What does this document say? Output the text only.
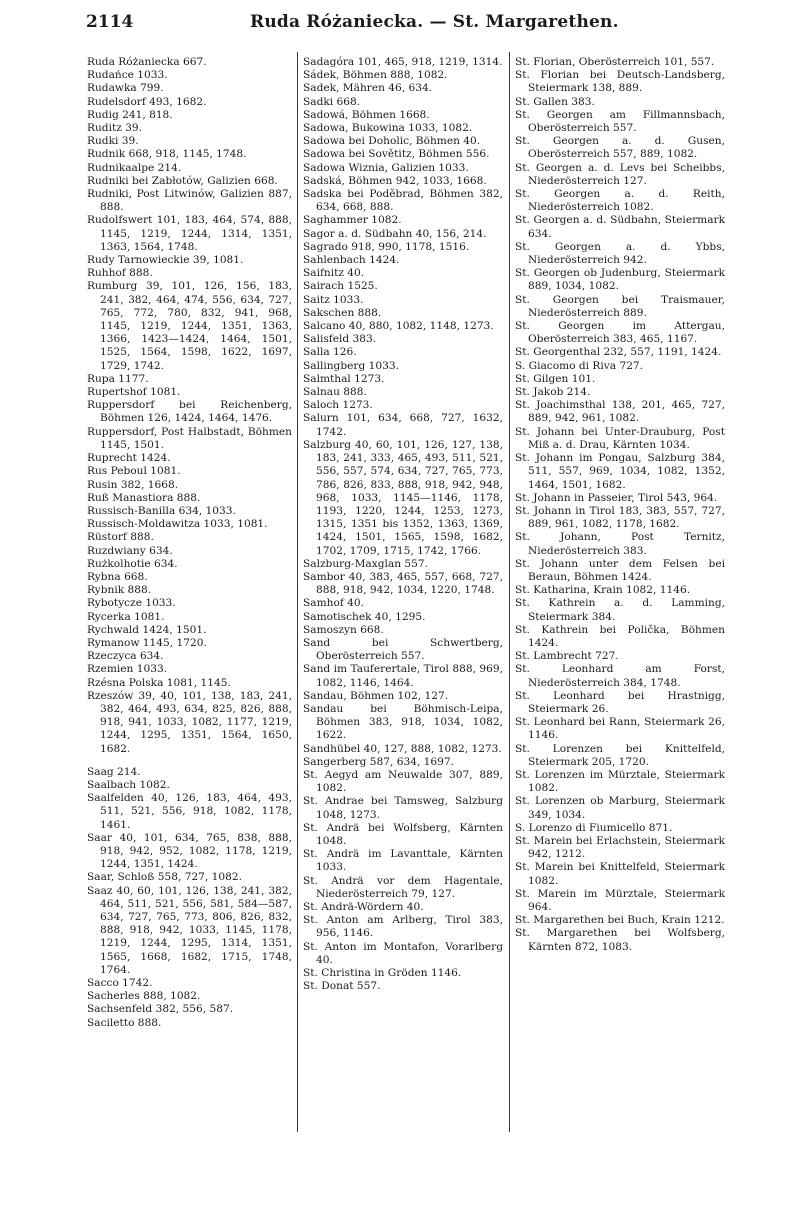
2114	Ruda Różaniecka. — St. Margarethen.

Ruda Różaniecka 667.

Rudańce 1033.

Rudawka 799.

Rudelsdorf 493, 1682.

Rudig 241, 818.

Ruditz 39.

Rudki 39.

Rudnik 668, 918, 1145, 1748.

Rudnikaalpe 214.

Rudniki bei Zabłotów, Galizien 668.

Rudniki, Post Litwinów, Galizien 887, 888.

Rudolfswert 101, 183, 464, 574, 888, 1145, 1219, 1244, 1314, 1351, 1363, 1564, 1748.

Rudy Tarnowieckie 39, 1081.

Ruhhof 888.

Rumburg 39, 101, 126, 156, 183, 241, 382, 464, 474, 556, 634, 727, 765, 772, 780, 832, 941, 968, 1145, 1219, 1244, 1351, 1363, 1366, 1423—1424, 1464, 1501, 1525, 1564, 1598, 1622, 1697, 1729, 1742.

Rupa 1177.

Rupertshof 1081.

Ruppersdorf bei Reichenberg, Böhmen 126, 1424, 1464, 1476.

Ruppersdorf, Post Halbstadt, Böhmen 1145, 1501.

Ruprecht 1424.

Rus Peboul 1081.

Rusin 382, 1668.

Ruß Manastiora 888.

Russisch-Banilla 634, 1033.

Russisch-Moldawitza 1033, 1081.

Rüstorf 888.

Ruzdwiany 634.

Rużkolhotie 634.

Rybna 668.

Rybnik 888.

Rybotycze 1033.

Rycerka 1081.

Rychwald 1424, 1501.

Rymanow 1145, 1720.

Rzeczyca 634.

Rzemien 1033.

Rzésna Polska 1081, 1145.

Rzeszów 39, 40, 101, 138, 183, 241, 382, 464, 493, 634, 825, 826, 888, 918, 941, 1033, 1082, 1177, 1219, 1244, 1295, 1351, 1564, 1650, 1682.

Saag 214.

Saalbach 1082.

Saalfelden 40, 126, 183, 464, 493, 511, 521, 556, 918, 1082, 1178, 1461.

Saar 40, 101, 634, 765, 838, 888, 918, 942, 952, 1082, 1178, 1219, 1244, 1351, 1424.

Saar, Schloß 558, 727, 1082.

Saaz 40, 60, 101, 126, 138, 241, 382, 464, 511, 521, 556, 581, 584—587, 634, 727, 765, 773, 806, 826, 832, 888, 918, 942, 1033, 1145, 1178, 1219, 1244, 1295, 1314, 1351, 1565, 1668, 1682, 1715, 1748, 1764.

Sacco 1742.

Sacherles 888, 1082.

Sachsenfeld 382, 556, 587.

Saciletto 888.

Sadagóra 101, 465, 918, 1219, 1314.

Sádek, Böhmen 888, 1082.

Sadek, Mähren 46, 634.

Sadki 668.

Sadowá, Böhmen 1668.

Sadowa, Bukowina 1033, 1082.

Sadowa bei Doholic, Böhmen 40.

Sadowa bei Sovětitz, Böhmen 556.

Sadowa Wiznia, Galizien 1033.

Sadská, Böhmen 942, 1033, 1668.

Sadska bei Poděbrad, Böhmen 382, 634, 668, 888.

Saghammer 1082.

Sagor a. d. Südbahn 40, 156, 214.

Sagrado 918, 990, 1178, 1516.

Sahlenbach 1424.

Saifnitz 40.

Sairach 1525.

Saitz 1033.

Sakschen 888.

Salcano 40, 880, 1082, 1148, 1273.

Salisfeld 383.

Salla 126.

Sallingberg 1033.

Salmthal 1273.

Salnau 888.

Saloch 1273.

Salurn 101, 634, 668, 727, 1632, 1742.

Salzburg 40, 60, 101, 126, 127, 138, 183, 241, 333, 465, 493, 511, 521, 556, 557, 574, 634, 727, 765, 773, 786, 826, 833, 888, 918, 942, 948, 968, 1033, 1145—1146, 1178, 1193, 1220, 1244, 1253, 1273, 1315, 1351 bis 1352, 1363, 1369, 1424, 1501, 1565, 1598, 1682, 1702, 1709, 1715, 1742, 1766.

Salzburg-Maxglan 557.

Sambor 40, 383, 465, 557, 668, 727, 888, 918, 942, 1034, 1220, 1748.

Samhof 40.

Samotischek 40, 1295.

Samoszyn 668.

Sand bei Schwertberg, Oberösterreich 557.

Sand im Tauferertale, Tirol 888, 969, 1082, 1146, 1464.

Sandau, Böhmen 102, 127.

Sandau bei Böhmisch-Leipa, Böhmen 383, 918, 1034, 1082, 1622.

Sandhübel 40, 127, 888, 1082, 1273.

Sangerberg 587, 634, 1697.

St. Aegyd am Neuwalde 307, 889, 1082.

St. Andrae bei Tamsweg, Salzburg 1048, 1273.

St. Andrä bei Wolfsberg, Kärnten 1048.

St. Andrä im Lavanttale, Kärnten 1033.

St. Andrä vor dem Hagentale, Niederösterreich 79, 127.

St. Andrä-Wördern 40.

St. Anton am Arlberg, Tirol 383, 956, 1146.

St. Anton im Montafon, Vorarlberg 40.

St. Christina in Gröden 1146.

St. Donat 557.

St. Florian, Oberösterreich 101, 557.

St. Florian bei Deutsch-Landsberg, Steiermark 138, 889.

St. Gallen 383.

St. Georgen am Fillmannsbach, Oberösterreich 557.

St. Georgen a. d. Gusen, Oberösterreich 557, 889, 1082.

St. Georgen a. d. Levs bei Scheibbs, Niederösterreich 127.

St. Georgen a. d. Reith, Niederösterreich 1082.

St. Georgen a. d. Südbahn, Steiermark 634.

St. Georgen a. d. Ybbs, Niederösterreich 942.

St. Georgen ob Judenburg, Steiermark 889, 1034, 1082.

St. Georgen bei Traismauer, Niederösterreich 889.

St. Georgen im Attergau, Oberösterreich 383, 465, 1167.

St. Georgenthal 232, 557, 1191, 1424.

S. Giacomo di Riva 727.

St. Gilgen 101.

St. Jakob 214.

St. Joachimsthal 138, 201, 465, 727, 889, 942, 961, 1082.

St. Johann bei Unter-Drauburg, Post Miß a. d. Drau, Kärnten 1034.

St. Johann im Pongau, Salzburg 384, 511, 557, 969, 1034, 1082, 1352, 1464, 1501, 1682.

St. Johann in Passeier, Tirol 543, 964.

St. Johann in Tirol 183, 383, 557, 727, 889, 961, 1082, 1178, 1682.

St. Johann, Post Ternitz, Niederösterreich 383.

St. Johann unter dem Felsen bei Beraun, Böhmen 1424.

St. Katharina, Krain 1082, 1146.

St. Kathrein a. d. Lamming, Steiermark 384.

St. Kathrein bei Polička, Böhmen 1424.

St. Lambrecht 727.

St. Leonhard am Forst, Niederösterreich 384, 1748.

St. Leonhard bei Hrastnigg, Steiermark 26.

St. Leonhard bei Rann, Steiermark 26, 1146.

St. Lorenzen bei Knittelfeld, Steiermark 205, 1720.

St. Lorenzen im Mürztale, Steiermark 1082.

St. Lorenzen ob Marburg, Steiermark 349, 1034.

S. Lorenzo di Fiumicello 871.

St. Marein bei Erlachstein, Steiermark 942, 1212.

St. Marein bei Knittelfeld, Steiermark 1082.

St. Marein im Mürztale, Steiermark 964.

St. Margarethen bei Buch, Krain 1212.

St. Margarethen bei Wolfsberg, Kärnten 872, 1083.
